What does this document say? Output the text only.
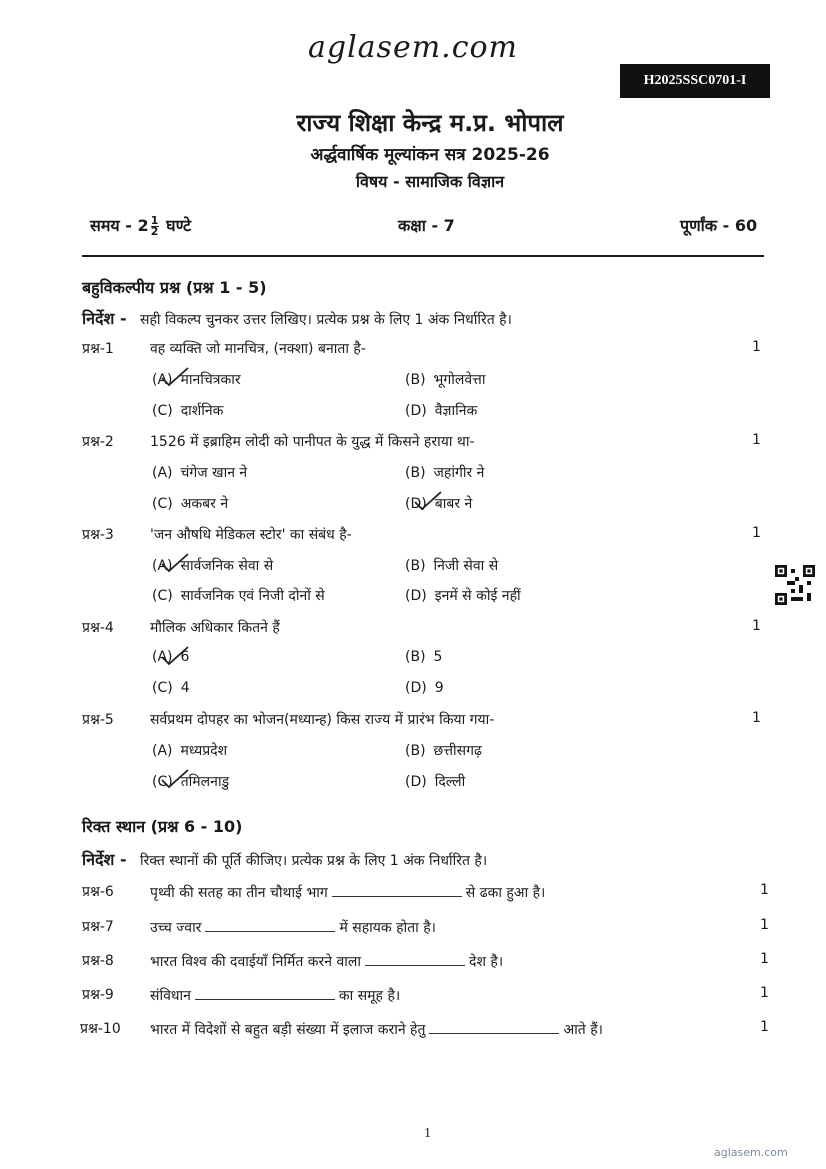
aglasem.com
H2025SSC0701-I
राज्य शिक्षा केन्द्र म.प्र. भोपाल
अर्द्धवार्षिक मूल्यांकन सत्र 2025-26
विषय - सामाजिक विज्ञान
समय - $2 \frac{1}{2}$ घण्टे	कक्षा - 7	पूर्णांक - 60
बहुविकल्पीय प्रश्न (प्रश्न 1 - 5)
निर्देश - सही विकल्प चुनकर उत्तर लिखिए। प्रत्येक प्रश्न के लिए 1 अंक निर्धारित है।
प्रश्न-1	वह व्यक्ति जो मानचित्र, (नक्शा) बनाता है-	1
(A) मानचित्रकार	(B) भूगोलवेत्ता
(C) दार्शनिक	(D) वैज्ञानिक
प्रश्न-2	1526 में इब्राहिम लोदी को पानीपत के युद्ध में किसने हराया था-	1
(A) चंगेज खान ने	(B) जहांगीर ने
(C) अकबर ने	(D) बाबर ने
प्रश्न-3	'जन औषधि मेडिकल स्टोर' का संबंध है-	1
(A) सार्वजनिक सेवा से	(B) निजी सेवा से
(C) सार्वजनिक एवं निजी दोनों से	(D) इनमें से कोई नहीं
प्रश्न-4	मौलिक अधिकार कितने हैं	1
(A) 6	(B) 5
(C) 4	(D) 9
प्रश्न-5	सर्वप्रथम दोपहर का भोजन(मध्यान्ह) किस राज्य में प्रारंभ किया गया-	1
(A) मध्यप्रदेश	(B) छत्तीसगढ़
(C) तमिलनाडु	(D) दिल्ली
रिक्त स्थान (प्रश्न 6 - 10)
निर्देश - रिक्त स्थानों की पूर्ति कीजिए। प्रत्येक प्रश्न के लिए 1 अंक निर्धारित है।
प्रश्न-6	पृथ्वी की सतह का तीन चौथाई भाग	से ढका हुआ है।	1
प्रश्न-7	उच्च ज्वार	में सहायक होता है।	1
प्रश्न-8	भारत विश्व की दवाईयाँ निर्मित करने वाला	देश है।	1
प्रश्न-9	संविधान	का समूह है।	1
प्रश्न-10 भारत में विदेशों से बहुत बड़ी संख्या में इलाज कराने हेतु	आते हैं।	1
1
aglasem.com
